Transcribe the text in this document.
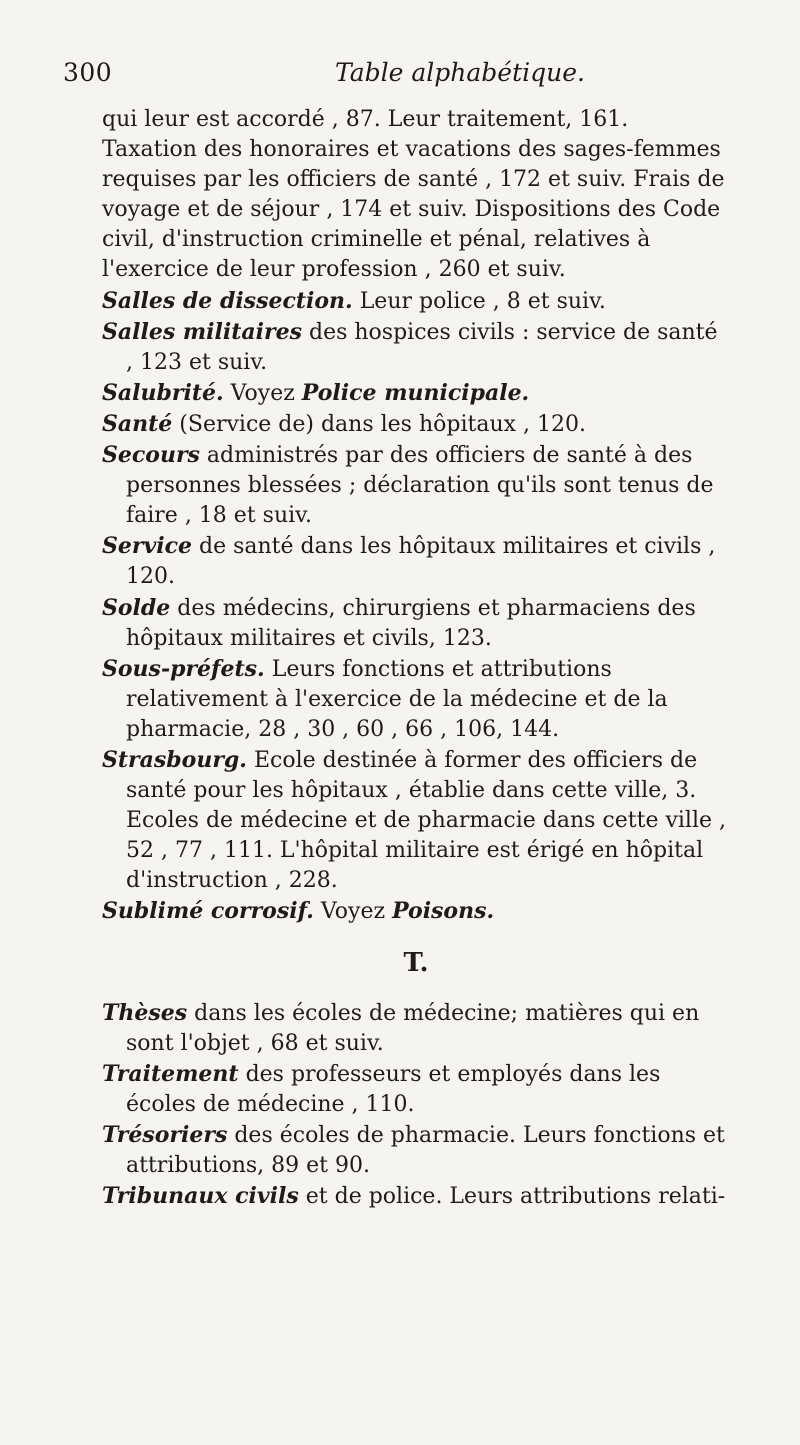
300	Table alphabétique.

qui leur est accordé , 87. Leur traitement, 161. Taxation des honoraires et vacations des sages-femmes requises par les officiers de santé , 172 et suiv. Frais de voyage et de séjour , 174 et suiv. Dispositions des Code civil, d'instruction criminelle et pénal, relatives à l'exercice de leur profession , 260 et suiv.

Salles de dissection. Leur police , 8 et suiv.

Salles militaires des hospices civils : service de santé , 123 et suiv.

Salubrité. Voyez Police municipale.

Santé (Service de) dans les hôpitaux , 120.

Secours administrés par des officiers de santé à des personnes blessées ; déclaration qu'ils sont tenus de faire , 18 et suiv.

Service de santé dans les hôpitaux militaires et civils , 120.

Solde des médecins, chirurgiens et pharmaciens des hôpitaux militaires et civils, 123.

Sous-préfets. Leurs fonctions et attributions relativement à l'exercice de la médecine et de la pharmacie, 28 , 30 , 60 , 66 , 106, 144.

Strasbourg. Ecole destinée à former des officiers de santé pour les hôpitaux , établie dans cette ville, 3. Ecoles de médecine et de pharmacie dans cette ville , 52 , 77 , 111. L'hôpital militaire est érigé en hôpital d'instruction , 228.

Sublimé corrosif. Voyez Poisons.

T.

Thèses dans les écoles de médecine; matières qui en sont l'objet , 68 et suiv.

Traitement des professeurs et employés dans les écoles de médecine , 110.

Trésoriers des écoles de pharmacie. Leurs fonctions et attributions, 89 et 90.

Tribunaux civils et de police. Leurs attributions relati-
